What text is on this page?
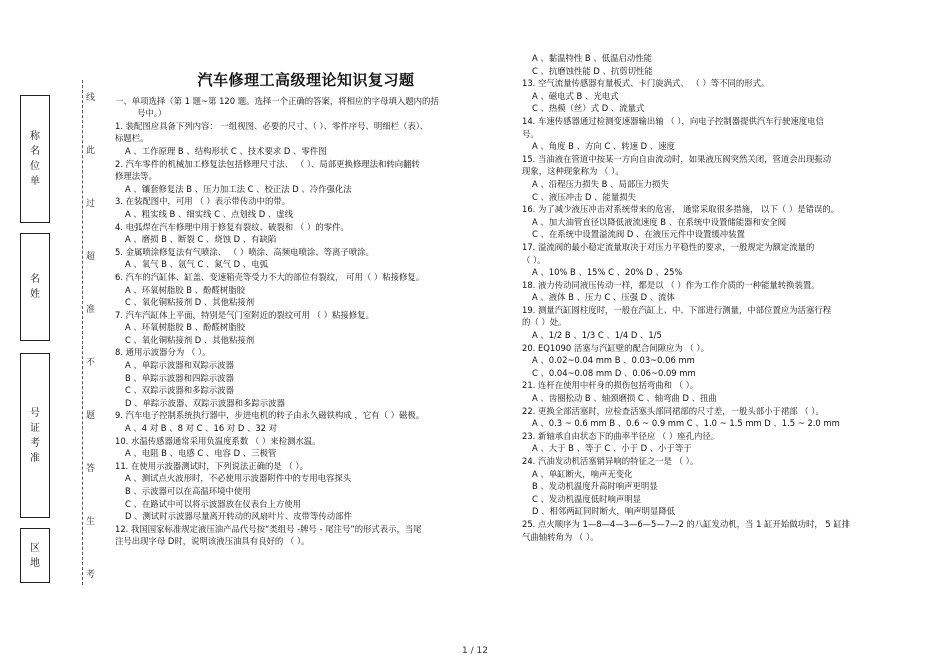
称
名
位
单
名
姓
号
证
考
准
区
地
线
此
过
超
准
不
题
答
生
考
汽车修理工高级理论知识复习题
一、单项选择（第 1 题~第 120 题。选择一个正确的答案，将相应的字母填入题内的括
号中。）
1. 装配图应具备下列内容： 一组视图、必要的尺寸、（ ）、零件序号、明细栏（表）、
标题栏。
A 、工作原理 B 、结构形状 C 、技术要求 D 、零件图
2. 汽车零件的机械加工修复法包括修理尺寸法、 （ ）、局部更换修理法和转向翻转
修理法等。
A 、镶套修复法 B 、压力加工法 C 、校正法 D 、冷作强化法
3. 在装配图中，可用 （ ）表示带传动中的带。
A 、粗实线 B 、细实线 C 、点划线 D 、虚线
4. 电弧焊在汽车修理中用于修复有裂纹、破裂和 （ ）的零件。
A 、磨损 B 、断裂 C 、烧蚀 D 、有缺陷
5. 金属喷涂修复法有气喷涂、 （ ）喷涂、高频电喷涂、等离子喷涂。
A 、氧气 B 、氩气 C 、氮气 D 、电弧
6. 汽车的汽缸体、缸盖、变速箱壳等受力不大的部位有裂纹， 可用（ ）粘接修复。
A 、环氧树脂胶 B 、酚醛树脂胶
C 、氧化铜粘接剂 D 、其他粘接剂
7. 汽车汽缸体上平面，特别是气门室附近的裂纹可用 （ ）粘接修复。
A 、环氧树脂胶 B 、酚醛树脂胶
C 、氧化铜粘接剂 D 、其他粘接剂
8. 通用示波器分为 （ ）。
A 、单踪示波器和双踪示波器
B 、单踪示波器和四踪示波器
C 、双踪示波器和多踪示波器
D 、单踪示波器、双踪示波器和多踪示波器
9. 汽车电子控制系统执行器中，步进电机的转子由永久磁铁构成 ，它有（ ）磁极。
A 、4 对 B 、8 对 C 、16 对 D 、32 对
10. 水温传感器通常采用负温度系数 （ ）来检测水温。
A 、电阻 B 、电感 C 、电容 D 、三极管
11. 在使用示波器测试时，下列说法正确的是 （ ）。
A 、测试点火波形时，不必使用示波器附件中的专用电容探头
B 、示波器可以在高温环境中使用
C 、在路试中可以将示波器放在仪表台上方使用
D 、测试时示波器尽量离开转动的风扇叶片、皮带等传动部件
12. 我国国家标准规定液压油产品代号按“类组号 -牌号 - 尾注号”的形式表示，当尾
注号出现字母 D时，说明该液压油具有良好的 （ ）。
A 、黏温特性 B 、低温启动性能
C 、抗磨蚀性能 D 、抗剪切性能
13. 空气流量传感器有量板式、卡门旋涡式、 （ ）等不同的形式。
A 、磁电式 B 、光电式
C 、热模（丝）式 D 、流量式
14. 车速传感器通过检测变速器输出轴 （ ），向电子控制器提供汽车行驶速度电信
号。
A 、角度 B 、方向 C 、转速 D 、速度
15. 当油液在管道中按某一方向自由流动时，如果液压阀突然关闭，管道会出现振动
现象，这种现象称为 （ ）。
A 、沿程压力损失 B 、局部压力损失
C 、液压冲击 D 、能量损失
16. 为了减少液压冲击对系统带来的危害， 通常采取很多措施， 以下（ ）是错误的。
A 、加大油管直径以降低液流速度 B 、在系统中设置储能器和安全阀
C 、在系统中设置溢流阀 D 、在液压元件中设置缓冲装置
17. 溢流阀的最小稳定流量取决于对压力平稳性的要求，一般规定为额定流量的
（ ）。
A 、10% B 、15% C 、20% D 、25%
18. 液力传动同液压传动一样，都是以 （ ）作为工作介质的一种能量转换装置。
A 、液体 B 、压力 C 、压强 D 、流体
19. 测量汽缸圆柱度时，一般在汽缸上、中、下部进行测量，中部位置应为活塞行程
的（ ）处。
A 、1/2 B 、1/3 C 、1/4 D 、1/5
20. EQ1090 活塞与汽缸壁的配合间隙应为 （ ）。
A 、0.02~0.04 mm B 、0.03~0.06 mm
C 、0.04~0.08 mm D 、0.06~0.09 mm
21. 连杆在使用中杆身的损伤包括弯曲和 （ ）。
A 、齿圈松动 B 、轴颈磨损 C 、轴弯曲 D 、扭曲
22. 更换全部活塞时，应检查活塞头部同裙部的尺寸差，一般头部小于裙部 （ ）。
A 、0.3 ~ 0.6 mm B 、0.6 ~ 0.9 mm C 、1.0 ~ 1.5 mm D 、1.5 ~ 2.0 mm
23. 新轴承自由状态下的曲率半径应 （ ）座孔内径。
A 、大于 B 、等于 C 、小于 D 、小于等于
24. 汽油发动机活塞销异响的特征之一是 （ ）。
A 、单缸断火，响声无变化
B 、发动机温度升高时响声更明显
C 、发动机温度低时响声明显
D 、相邻两缸同时断火，响声明显降低
25. 点火顺序为 1—8—4—3—6—5—7—2 的八缸发动机，当 1 缸开始做功时， 5 缸排
气曲轴转角为 （ ）。
1 / 12
